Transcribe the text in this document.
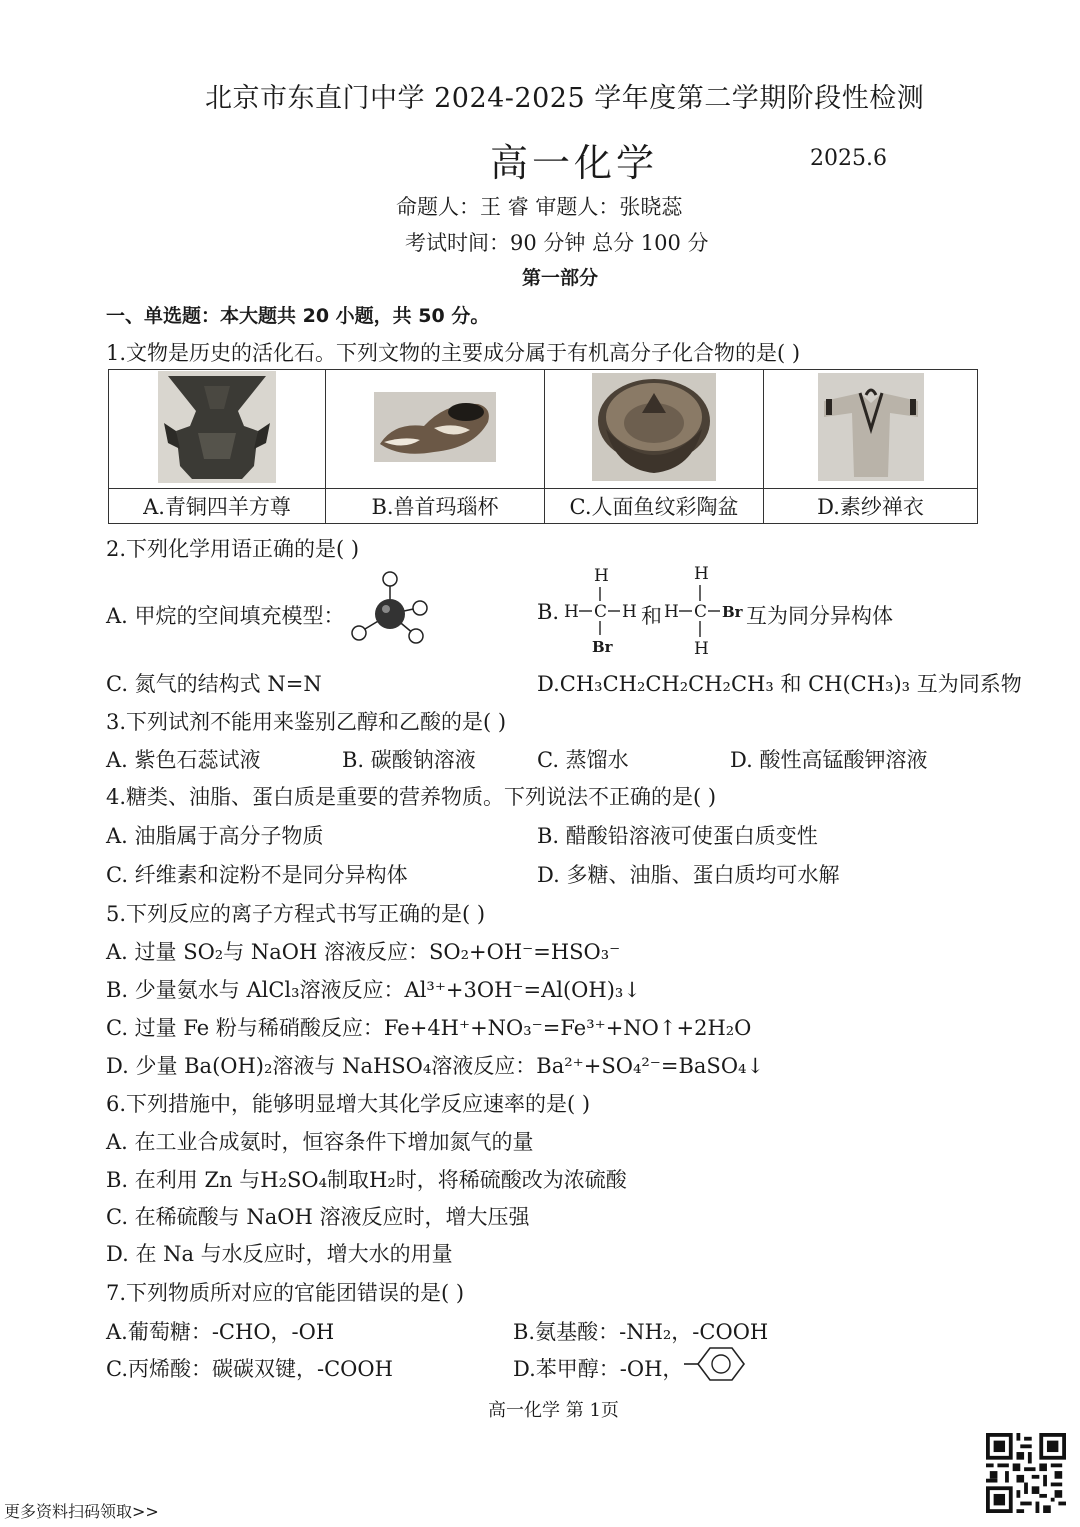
北京市东直门中学 2024-2025 学年度第二学期阶段性检测
高一化学	2025.6
命题人：王 睿 审题人：张晓蕊
考试时间：90 分钟 总分 100 分
第一部分
一、单选题：本大题共 20 小题，共 50 分。
1.文物是历史的活化石。下列文物的主要成分属于有机高分子化合物的是( )

A.青铜四羊方尊	B.兽首玛瑙杯	C.人面鱼纹彩陶盆	D.素纱禅衣
2.下列化学用语正确的是( )
A. 甲烷的空间填充模型：	B.
H
H C H
Br
H
H C Br
H
和	互为同分异构体
C. 氮气的结构式 N=N	D.CH₃CH₂CH₂CH₂CH₃ 和 CH(CH₃)₃ 互为同系物
3.下列试剂不能用来鉴别乙醇和乙酸的是( )
A. 紫色石蕊试液	B. 碳酸钠溶液	C. 蒸馏水	D. 酸性高锰酸钾溶液
4.糖类、油脂、蛋白质是重要的营养物质。下列说法不正确的是( )
A. 油脂属于高分子物质	B. 醋酸铅溶液可使蛋白质变性
C. 纤维素和淀粉不是同分异构体	D. 多糖、油脂、蛋白质均可水解
5.下列反应的离子方程式书写正确的是( )
A. 过量 SO₂与 NaOH 溶液反应：SO₂+OH⁻=HSO₃⁻
B. 少量氨水与 AlCl₃溶液反应：Al³⁺+3OH⁻=Al(OH)₃↓
C. 过量 Fe 粉与稀硝酸反应：Fe+4H⁺+NO₃⁻=Fe³⁺+NO↑+2H₂O
D. 少量 Ba(OH)₂溶液与 NaHSO₄溶液反应：Ba²⁺+SO₄²⁻=BaSO₄↓
6.下列措施中，能够明显增大其化学反应速率的是( )
A. 在工业合成氨时，恒容条件下增加氮气的量
B. 在利用 Zn 与H₂SO₄制取H₂时，将稀硫酸改为浓硫酸
C. 在稀硫酸与 NaOH 溶液反应时，增大压强
D. 在 Na 与水反应时，增大水的用量
7.下列物质所对应的官能团错误的是( )
A.葡萄糖：-CHO，-OH	B.氨基酸：-NH₂，-COOH
C.丙烯酸：碳碳双键，-COOH	D.苯甲醇：-OH，
高一化学 第 1页
更多资料扫码领取>>
